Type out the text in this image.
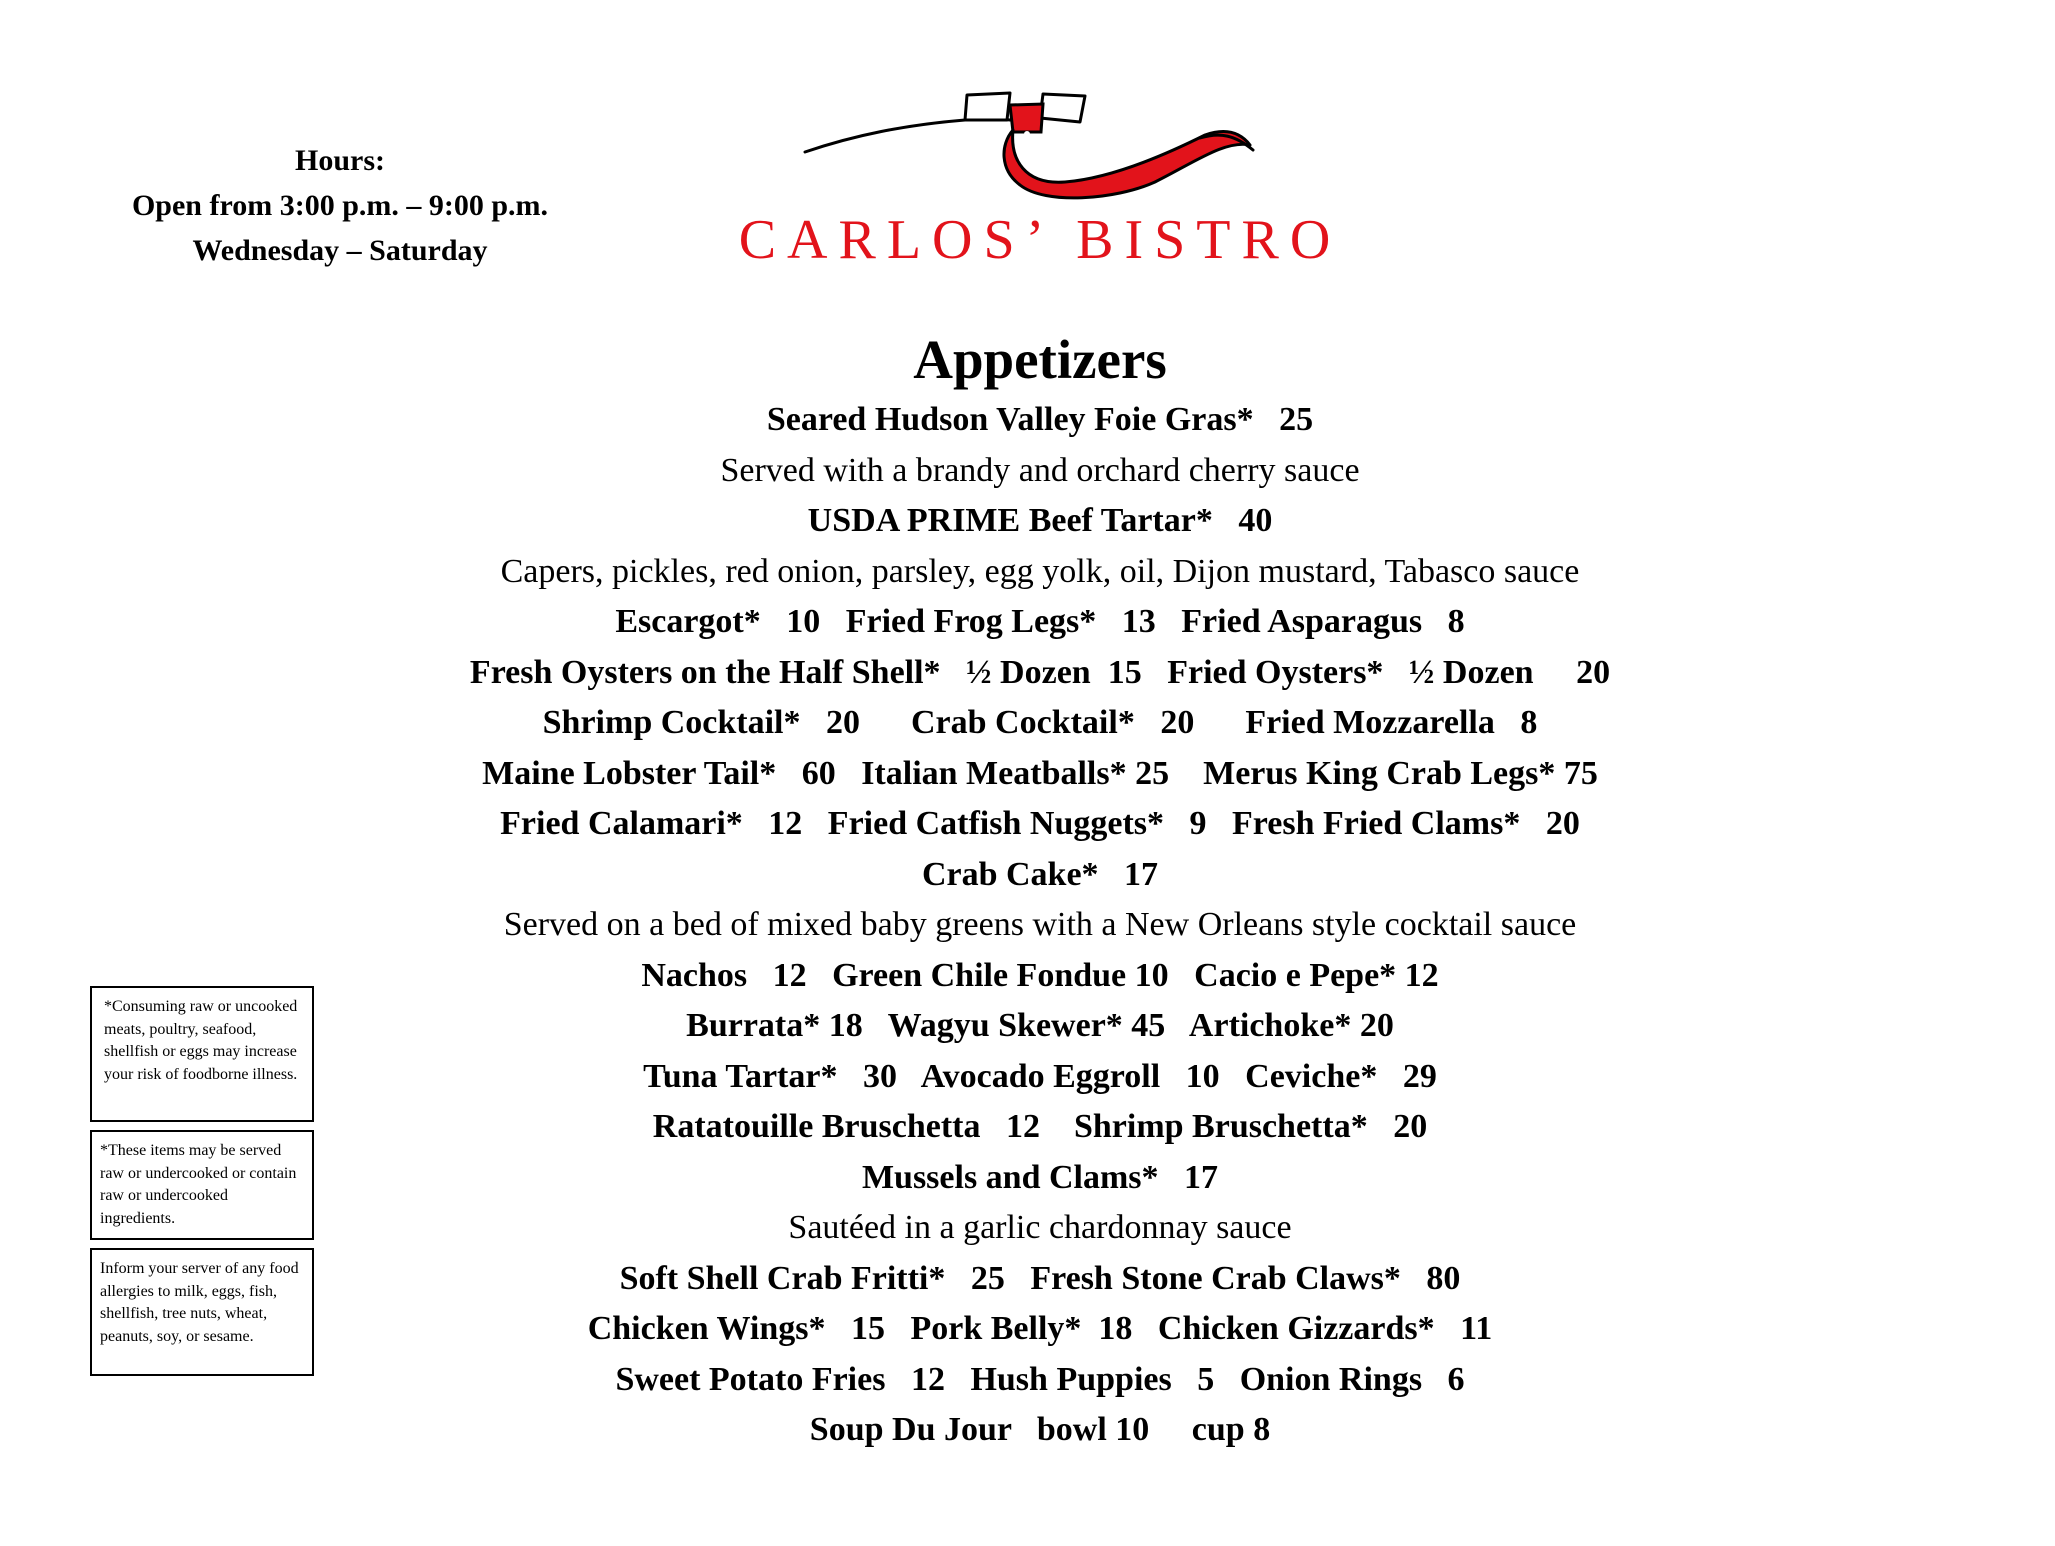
Hours:
Open from 3:00 p.m. – 9:00 p.m.
Wednesday – Saturday	CARLOS’ BISTRO
Appetizers
Seared Hudson Valley Foie Gras*   25
Served with a brandy and orchard cherry sauce
USDA PRIME Beef Tartar*   40
Capers, pickles, red onion, parsley, egg yolk, oil, Dijon mustard, Tabasco sauce
Escargot*   10   Fried Frog Legs*   13   Fried Asparagus   8
Fresh Oysters on the Half Shell*   ½ Dozen  15   Fried Oysters*   ½ Dozen     20
Shrimp Cocktail*   20      Crab Cocktail*   20      Fried Mozzarella   8
Maine Lobster Tail*   60   Italian Meatballs* 25    Merus King Crab Legs* 75
Fried Calamari*   12   Fried Catfish Nuggets*   9   Fresh Fried Clams*   20
Crab Cake*   17
Served on a bed of mixed baby greens with a New Orleans style cocktail sauce
Nachos   12   Green Chile Fondue 10   Cacio e Pepe* 12
Burrata* 18   Wagyu Skewer* 45   Artichoke* 20
Tuna Tartar*   30   Avocado Eggroll   10   Ceviche*   29
Ratatouille Bruschetta   12    Shrimp Bruschetta*   20
Mussels and Clams*   17
Sautéed in a garlic chardonnay sauce
Soft Shell Crab Fritti*   25   Fresh Stone Crab Claws*   80
Chicken Wings*   15   Pork Belly*  18   Chicken Gizzards*   11
Sweet Potato Fries   12   Hush Puppies   5   Onion Rings   6
Soup Du Jour   bowl 10     cup 8
*Consuming raw or uncooked meats, poultry, seafood, shellfish or eggs may increase your risk of foodborne illness.
*These items may be served raw or undercooked or contain raw or undercooked ingredients.
Inform your server of any food allergies to milk, eggs, fish, shellfish, tree nuts, wheat, peanuts, soy, or sesame.
